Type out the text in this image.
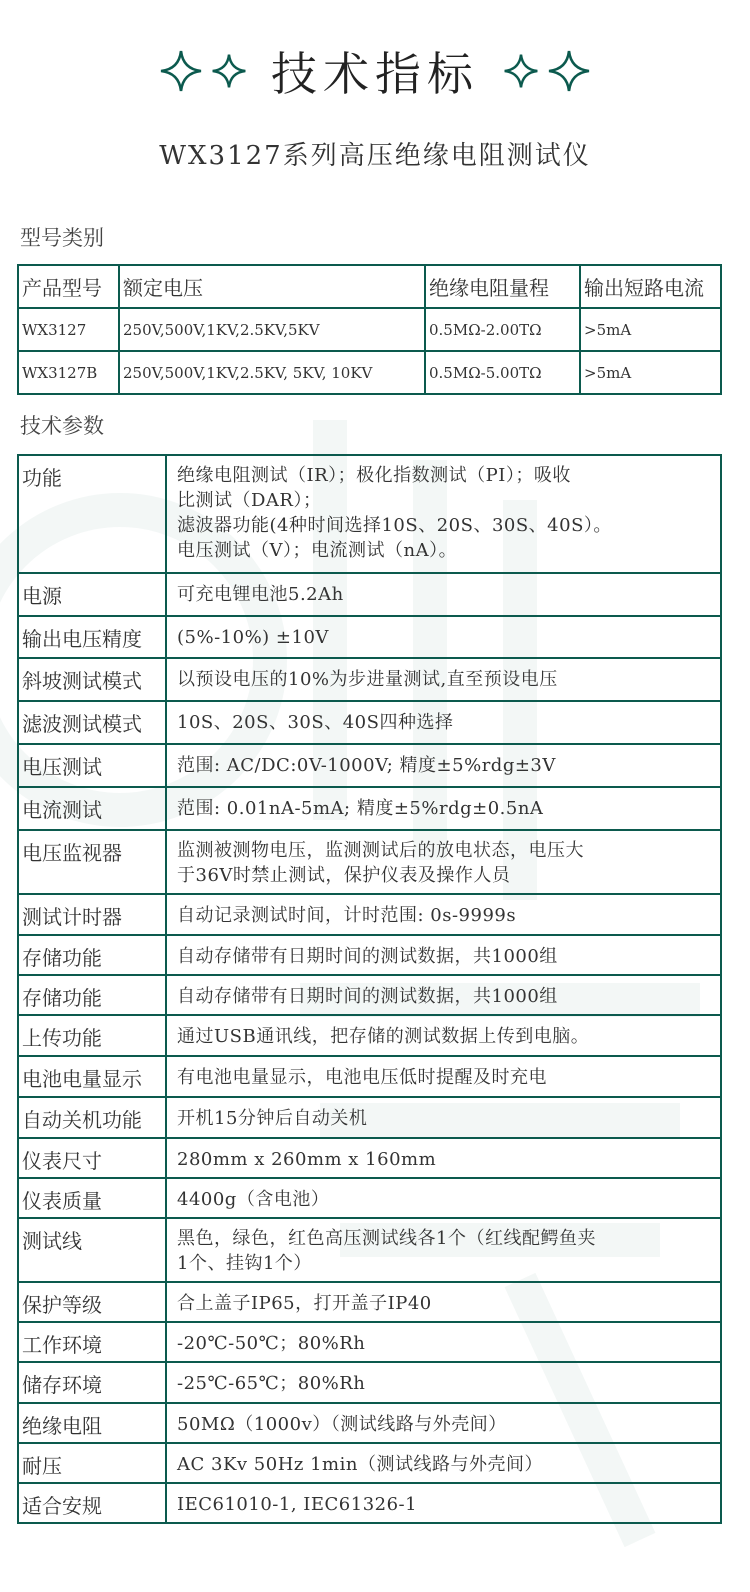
技术指标
WX3127系列高压绝缘电阻测试仪
型号类别
产品型号	额定电压	绝缘电阻量程	输出短路电流
WX3127	250V,500V,1KV,2.5KV,5KV	0.5MΩ-2.00TΩ	>5mA
WX3127B	250V,500V,1KV,2.5KV, 5KV, 10KV	0.5MΩ-5.00TΩ	>5mA
技术参数
功能	绝缘电阻测试（IR）；极化指数测试（PI）；吸收
比测试（DAR）；
滤波器功能(4种时间选择10S、20S、30S、40S）。
电压测试（V）；电流测试（nA）。

电源	可充电锂电池5.2Ah

输出电压精度	(5%-10%) ±10V

斜坡测试模式	以预设电压的10%为步进量测试,直至预设电压

滤波测试模式	10S、20S、30S、40S四种选择

电压测试	范围: AC/DC:0V-1000V; 精度±5%rdg±3V

电流测试	范围: 0.01nA-5mA; 精度±5%rdg±0.5nA

电压监视器	监测被测物电压，监测测试后的放电状态，电压大
于36V时禁止测试，保护仪表及操作人员

测试计时器	自动记录测试时间，计时范围: 0s-9999s

存储功能	自动存储带有日期时间的测试数据，共1000组

存储功能	自动存储带有日期时间的测试数据，共1000组

上传功能	通过USB通讯线，把存储的测试数据上传到电脑。

电池电量显示	有电池电量显示，电池电压低时提醒及时充电

自动关机功能	开机15分钟后自动关机

仪表尺寸	280mm x 260mm x 160mm

仪表质量	4400g（含电池）

测试线	黑色，绿色，红色高压测试线各1个（红线配鳄鱼夹
1个、挂钩1个）

保护等级	合上盖子IP65，打开盖子IP40

工作环境	-20℃-50℃；80%Rh

储存环境	-25℃-65℃；80%Rh

绝缘电阻	50MΩ（1000v）（测试线路与外壳间）

耐压	AC 3Kv 50Hz 1min（测试线路与外壳间）

适合安规	IEC61010-1, IEC61326-1
